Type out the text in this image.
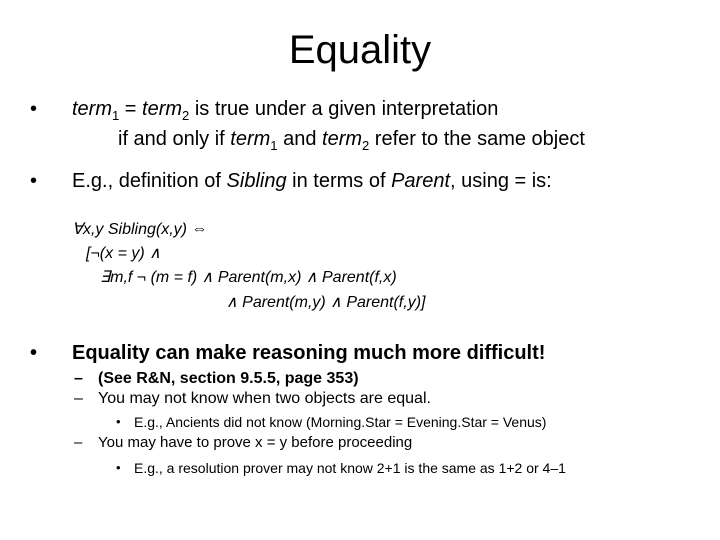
Equality
• term$_1$ = term$_2$ is true under a given interpretation
if and only if term$_1$ and term$_2$ refer to the same object
• E.g., definition of Sibling in terms of Parent, using = is:
∀x,y Sibling(x,y) ⇔
[¬(x = y) ∧
∃m,f ¬ (m = f) ∧ Parent(m,x) ∧ Parent(f,x)
∧ Parent(m,y) ∧ Parent(f,y)]
• Equality can make reasoning much more difficult!
– (See R&N, section 9.5.5, page 353)
– You may not know when two objects are equal.
• E.g., Ancients did not know (Morning.Star = Evening.Star = Venus)
– You may have to prove x = y before proceeding
• E.g., a resolution prover may not know 2+1 is the same as 1+2 or 4–1
